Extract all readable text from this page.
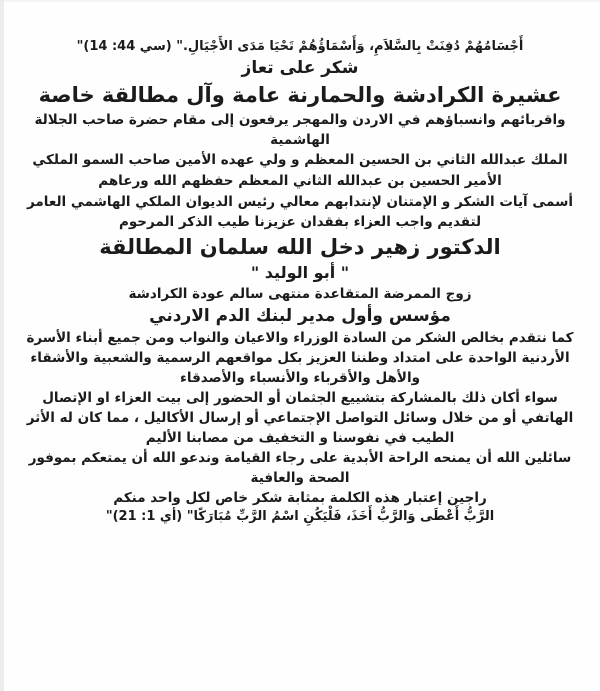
أَجْسَامُهُمْ دُفِنَتْ بِالسَّلاَمِ، وَأَسْمَاؤُهُمْ تَحْيَا مَدَى الأَجْيَالِ." (سي 44: 14)"

شكر على تعاز
عشيرة الكرادشة والحمارنة عامة وآل مطالقة خاصة

واقربائهم وانسباؤهم في الاردن والمهجر يرفعون إلى مقام حضرة صاحب الجلالة الهاشمية

الملك عبدالله الثاني بن الحسين المعظم و ولي عهده الأمين صاحب السمو الملكي الأمير الحسين بن عبدالله الثاني المعظم حفظهم الله ورعاهم

أسمى آيات الشكر و الإمتنان لإنتدابهم معالي رئيس الديوان الملكي الهاشمي العامر

لتقديم واجب العزاء بفقدان عزيزنا طيب الذكر المرحوم

الدكتور زهير دخل الله سلمان المطالقة

" أبو الوليد "

زوج الممرضة المتقاعدة منتهى سالم عودة الكرادشة

مؤسس وأول مدير لبنك الدم الاردني

كما نتقدم بخالص الشكر من السادة الوزراء والاعيان والنواب ومن جميع أبناء الأسرة الأردنية الواحدة على امتداد وطننا العزيز بكل مواقعهم الرسمية والشعبية والأشقاء والأهل والأقرباء والأنسباء والأصدقاء

سواء أكان ذلك بالمشاركة بتشييع الجثمان أو الحضور إلى بيت العزاء او الإتصال الهاتفي أو من خلال وسائل التواصل الإجتماعي أو إرسال الأكاليل ، مما كان له الأثر الطيب في نفوسنا و التخفيف من مصابنا الأليم

سائلين الله أن يمنحه الراحة الأبدية على رجاء القيامة وندعو الله أن يمتعكم بموفور الصحة والعافية

راجين إعتبار هذه الكلمة بمثابة شكر خاص لكل واحد منكم

الرَّبُّ أَعْطَى وَالرَّبُّ أَخَذَ، فَلْيَكُنِ اسْمُ الرَّبِّ مُبَارَكًا" (أي 1: 21)"
